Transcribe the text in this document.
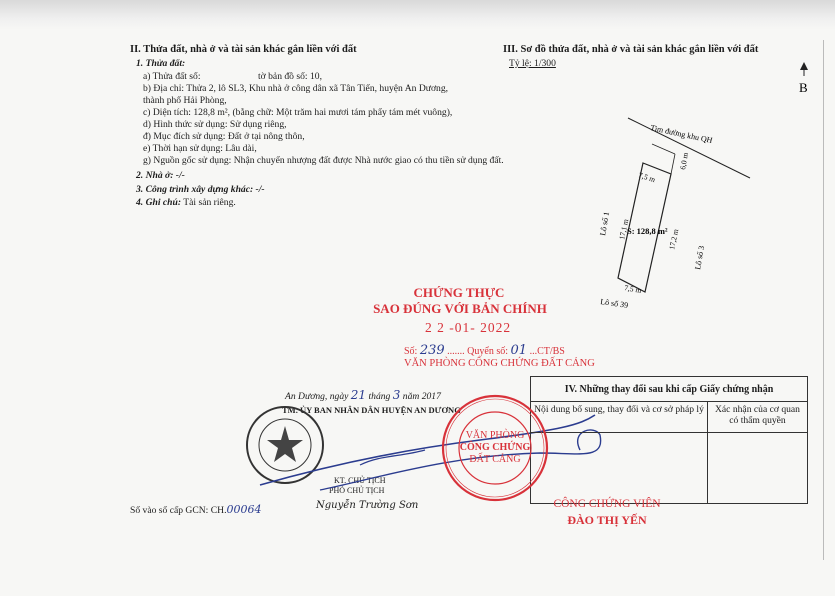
II. Thửa đất, nhà ở và tài sản khác gắn liền với đất
1. Thửa đất:
a) Thửa đất số:	tờ bản đồ số: 10,
b) Địa chỉ: Thửa 2, lô SL3, Khu nhà ở công dân xã Tân Tiến, huyện An Dương,
thành phố Hải Phòng,
c) Diện tích: 128,8 m², (bằng chữ: Một trăm hai mươi tám phẩy tám mét vuông),
d) Hình thức sử dụng: Sử dụng riêng,
đ) Mục đích sử dụng: Đất ở tại nông thôn,
e) Thời hạn sử dụng: Lâu dài,
g) Nguồn gốc sử dụng: Nhận chuyển nhượng đất được Nhà nước giao có thu tiền sử dụng đất.
2. Nhà ở: -/-
3. Công trình xây dựng khác: -/-
4. Ghi chú: Tài sản riêng.
III. Sơ đồ thửa đất, nhà ở và tài sản khác gắn liền với đất
Tỷ lệ: 1/300
B
Tim đường khu QH
7,5 m
6,0 m
17,1 m	17,2 m
7,5 m
S: 128,8 m²
Lô số 1
Lô số 3
Lô số 39
CHỨNG THỰC
SAO ĐÚNG VỚI BẢN CHÍNH
2 2 -01- 2022
Số: 239 ....... Quyển số: 01 ...CT/BS
VĂN PHÒNG CÔNG CHỨNG ĐẤT CẢNG
An Dương, ngày 21 tháng 3 năm 2017
TM. ỦY BAN NHÂN DÂN HUYỆN AN DƯƠNG
KT. CHỦ TỊCH
PHÓ CHỦ TỊCH
Nguyễn Trường Sơn
Số vào sổ cấp GCN: CH.00064
IV. Những thay đổi sau khi cấp Giấy chứng nhận	
Nội dung bổ sung, thay đổi và cơ sở pháp lý	Xác nhận của cơ quan
có thẩm quyền

VĂN PHÒNG
CÔNG CHỨNG
ĐẤT CẢNG
CÔNG CHỨNG VIÊN
ĐÀO THỊ YẾN
